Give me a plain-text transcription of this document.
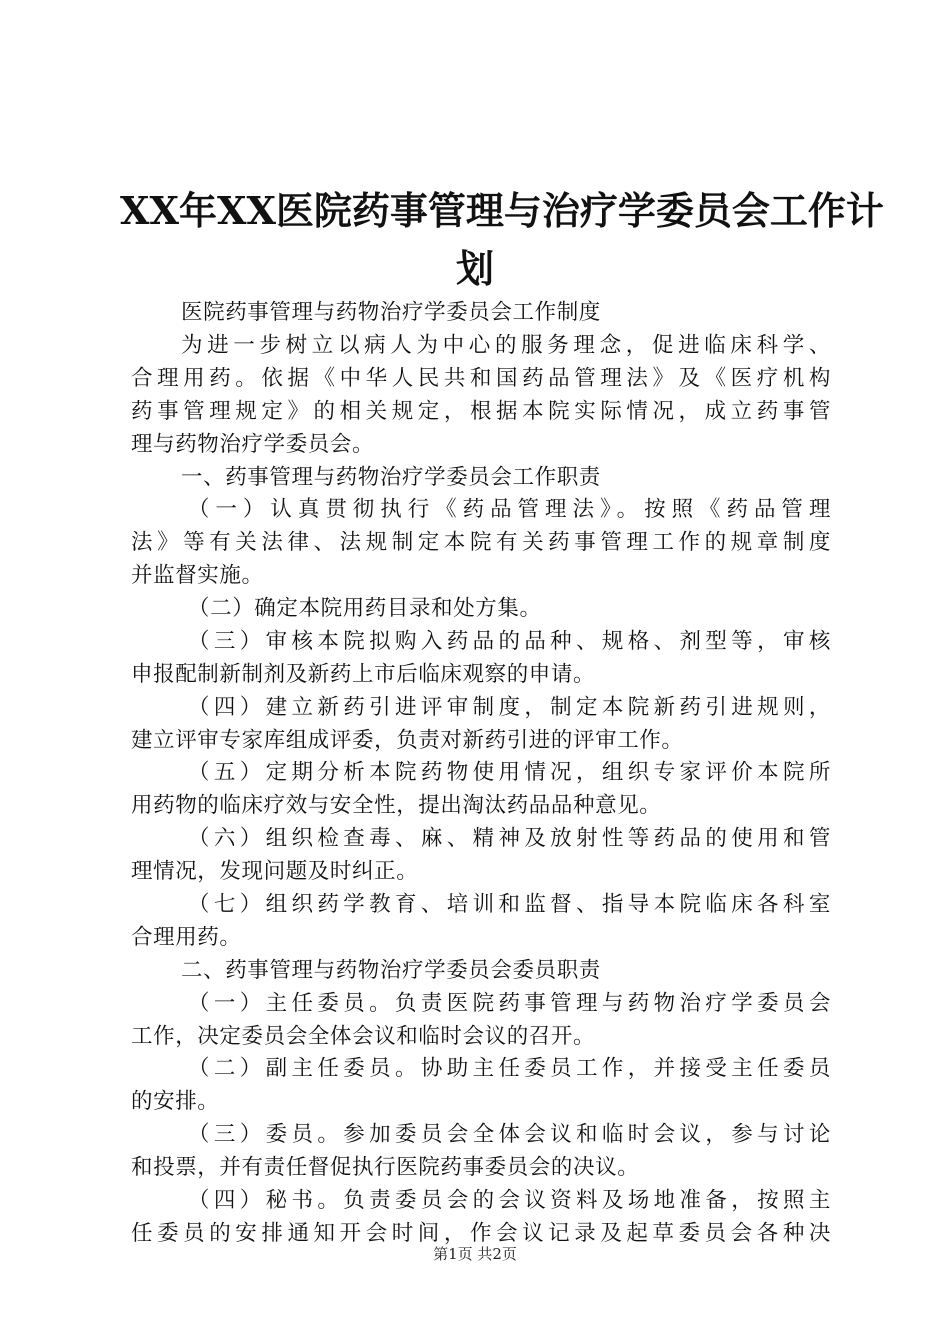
XX年XX医院药事管理与治疗学委员会工作计
划
医院药事管理与药物治疗学委员会工作制度
为进一步树立以病人为中心的服务理念，促进临床科学、
合理用药。依据《中华人民共和国药品管理法》及《医疗机构
药事管理规定》的相关规定，根据本院实际情况，成立药事管
理与药物治疗学委员会。
一、药事管理与药物治疗学委员会工作职责
（一）认真贯彻执行《药品管理法》。按照《药品管理
法》等有关法律、法规制定本院有关药事管理工作的规章制度
并监督实施。
（二）确定本院用药目录和处方集。
（三）审核本院拟购入药品的品种、规格、剂型等，审核
申报配制新制剂及新药上市后临床观察的申请。
（四）建立新药引进评审制度，制定本院新药引进规则，
建立评审专家库组成评委，负责对新药引进的评审工作。
（五）定期分析本院药物使用情况，组织专家评价本院所
用药物的临床疗效与安全性，提出淘汰药品品种意见。
（六）组织检查毒、麻、精神及放射性等药品的使用和管
理情况，发现问题及时纠正。
（七）组织药学教育、培训和监督、指导本院临床各科室
合理用药。
二、药事管理与药物治疗学委员会委员职责
（一）主任委员。负责医院药事管理与药物治疗学委员会
工作，决定委员会全体会议和临时会议的召开。
（二）副主任委员。协助主任委员工作，并接受主任委员
的安排。
（三）委员。参加委员会全体会议和临时会议，参与讨论
和投票，并有责任督促执行医院药事委员会的决议。
（四）秘书。负责委员会的会议资料及场地准备，按照主
任委员的安排通知开会时间，作会议记录及起草委员会各种决
第1页 共2页
